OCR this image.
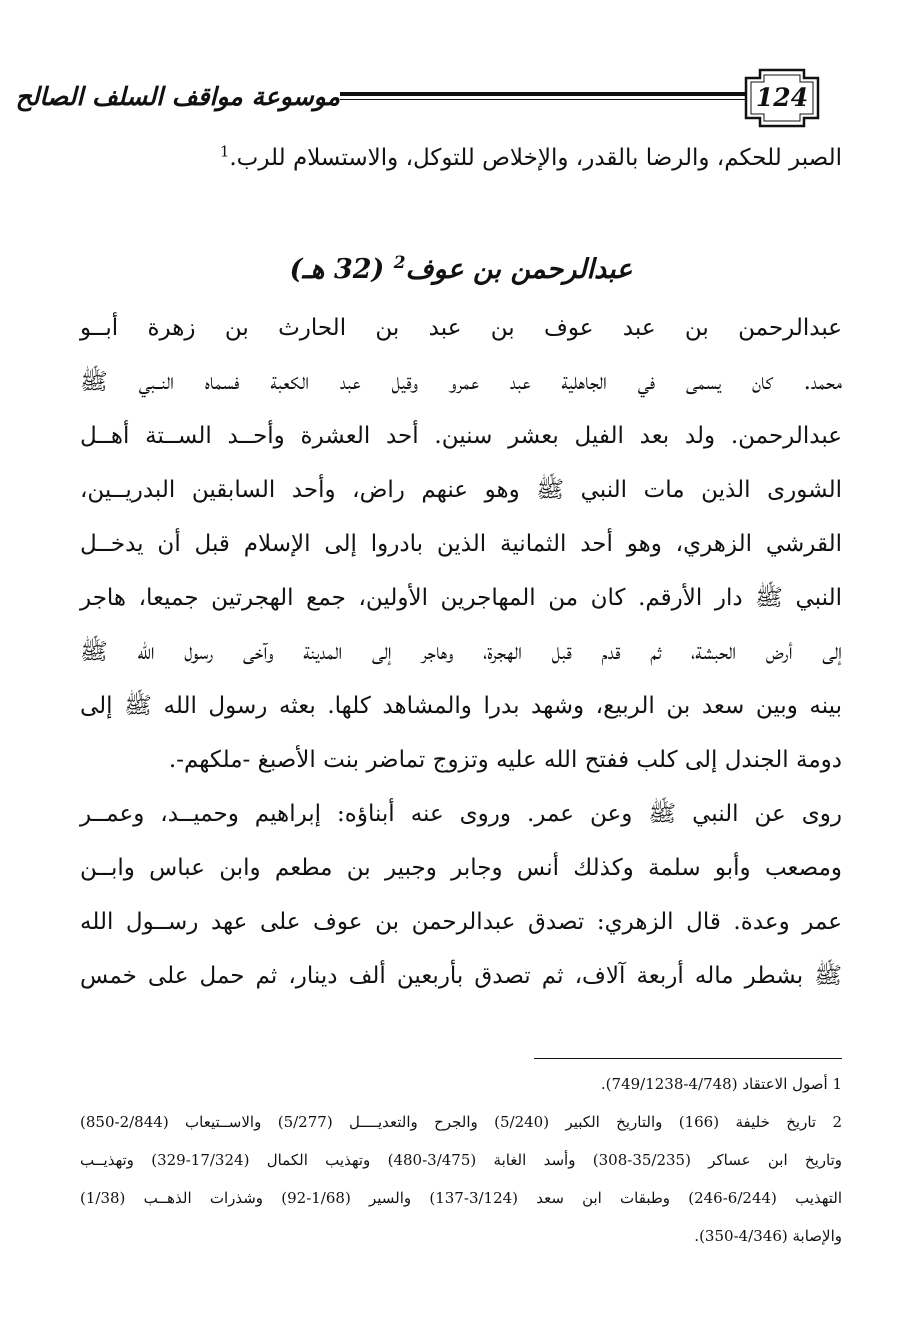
موسوعة مواقف السلف الصالح	124
الصبر للحكم، والرضا بالقدر، والإخلاص للتوكل، والاستسلام للرب.$^1$
عبدالرحمن بن عوف$^2$ (32 هـ)
عبدالرحمن بن عبد عوف بن عبد بن الحارث بن زهرة أبــو
محمد. كان يسمى في الجاهلية عبد عمرو وقيل عبد الكعبة فسماه النــبي ﷺ
عبدالرحمن. ولد بعد الفيل بعشر سنين. أحد العشرة وأحــد الســتة أهــل
الشورى الذين مات النبي ﷺ وهو عنهم راض، وأحد السابقين البدريــين،
القرشي الزهري، وهو أحد الثمانية الذين بادروا إلى الإسلام قبل أن يدخــل
النبي ﷺ دار الأرقم. كان من المهاجرين الأولين، جمع الهجرتين جميعا، هاجر
إلى أرض الحبشة، ثم قدم قبل الهجرة، وهاجر إلى المدينة وآخى رسول الله ﷺ
بينه وبين سعد بن الربيع، وشهد بدرا والمشاهد كلها. بعثه رسول الله ﷺ إلى
دومة الجندل إلى كلب ففتح الله عليه وتزوج تماضر بنت الأصبغ -ملكهم-.
روى عن النبي ﷺ وعن عمر. وروى عنه أبناؤه: إبراهيم وحميــد، وعمــر
ومصعب وأبو سلمة وكذلك أنس وجابر وجبير بن مطعم وابن عباس وابــن
عمر وعدة. قال الزهري: تصدق عبدالرحمن بن عوف على عهد رســول الله
ﷺ بشطر ماله أربعة آلاف، ثم تصدق بأربعين ألف دينار، ثم حمل على خمس
1 أصول الاعتقاد (4/748-749/1238).
2 تاريخ خليفة (166) والتاريخ الكبير (5/240) والجرح والتعديــــل (5/277) والاســتيعاب (2/844-850)
وتاريخ ابن عساكر (35/235-308) وأسد الغابة (3/475-480) وتهذيب الكمال (17/324-329) وتهذيــب
التهذيب (6/244-246) وطبقات ابن سعد (3/124-137) والسير (1/68-92) وشذرات الذهــب (1/38)
والإصابة (4/346-350).
